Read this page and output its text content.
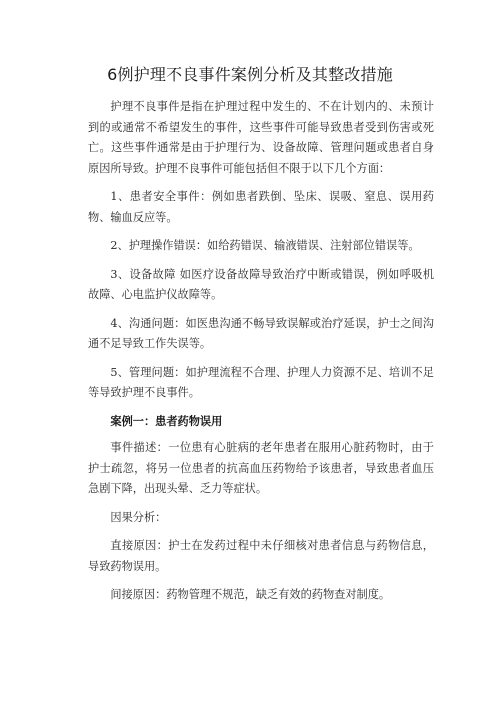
6例护理不良事件案例分析及其整改措施

护理不良事件是指在护理过程中发生的、不在计划内的、未预计到的或通常不希望发生的事件，这些事件可能导致患者受到伤害或死亡。这些事件通常是由于护理行为、设备故障、管理问题或患者自身原因所导致。护理不良事件可能包括但不限于以下几个方面：

1、患者安全事件：例如患者跌倒、坠床、误吸、窒息、误用药物、输血反应等。

2、护理操作错误：如给药错误、输液错误、注射部位错误等。

3、设备故障 如医疗设备故障导致治疗中断或错误，例如呼吸机故障、心电监护仪故障等。

4、沟通问题：如医患沟通不畅导致误解或治疗延误，护士之间沟通不足导致工作失误等。

5、管理问题：如护理流程不合理、护理人力资源不足、培训不足等导致护理不良事件。

案例一：患者药物误用

事件描述：一位患有心脏病的老年患者在服用心脏药物时，由于护士疏忽，将另一位患者的抗高血压药物给予该患者，导致患者血压急剧下降，出现头晕、乏力等症状。

因果分析：

直接原因：护士在发药过程中未仔细核对患者信息与药物信息，导致药物误用。

间接原因：药物管理不规范，缺乏有效的药物查对制度。
